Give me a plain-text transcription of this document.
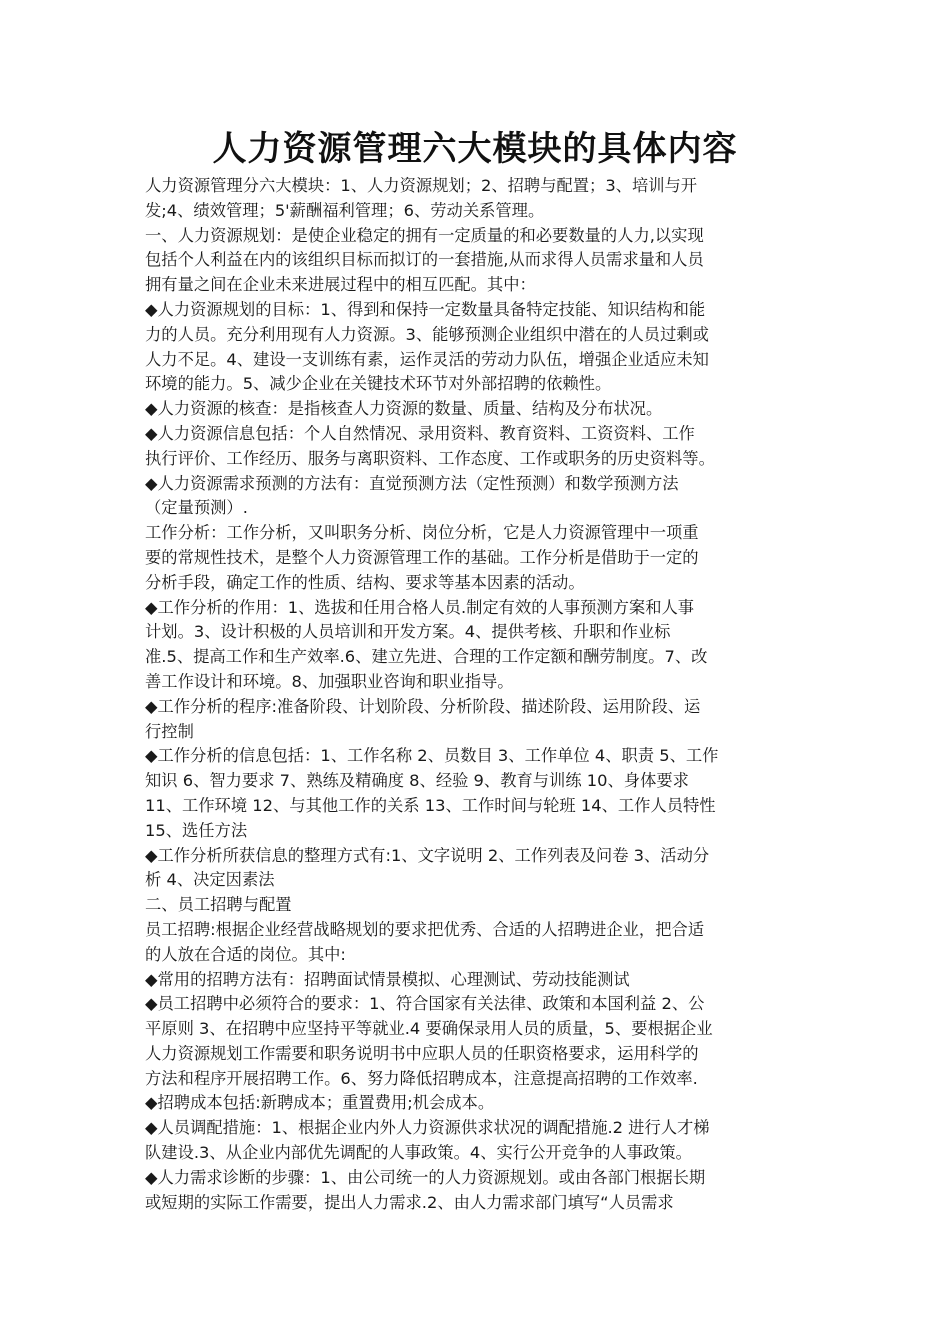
人力资源管理六大模块的具体内容
人力资源管理分六大模块：1、人力资源规划；2、招聘与配置；3、培训与开
发;4、绩效管理；5'薪酬福利管理；6、劳动关系管理。
一、人力资源规划：是使企业稳定的拥有一定质量的和必要数量的人力,以实现
包括个人利益在内的该组织目标而拟订的一套措施,从而求得人员需求量和人员
拥有量之间在企业未来进展过程中的相互匹配。其中：
◆人力资源规划的目标：1、得到和保持一定数量具备特定技能、知识结构和能
力的人员。充分利用现有人力资源。3、能够预测企业组织中潜在的人员过剩或
人力不足。4、建设一支训练有素，运作灵活的劳动力队伍，增强企业适应未知
环境的能力。5、减少企业在关键技术环节对外部招聘的依赖性。
◆人力资源的核查：是指核查人力资源的数量、质量、结构及分布状况。
◆人力资源信息包括：个人自然情况、录用资料、教育资料、工资资料、工作
执行评价、工作经历、服务与离职资料、工作态度、工作或职务的历史资料等。
◆人力资源需求预测的方法有：直觉预测方法（定性预测）和数学预测方法
（定量预测）.
工作分析：工作分析，又叫职务分析、岗位分析，它是人力资源管理中一项重
要的常规性技术，是整个人力资源管理工作的基础。工作分析是借助于一定的
分析手段，确定工作的性质、结构、要求等基本因素的活动。
◆工作分析的作用：1、选拔和任用合格人员.制定有效的人事预测方案和人事
计划。3、设计积极的人员培训和开发方案。4、提供考核、升职和作业标
准.5、提高工作和生产效率.6、建立先进、合理的工作定额和酬劳制度。7、改
善工作设计和环境。8、加强职业咨询和职业指导。
◆工作分析的程序:准备阶段、计划阶段、分析阶段、描述阶段、运用阶段、运
行控制
◆工作分析的信息包括：1、工作名称 2、员数目 3、工作单位 4、职责 5、工作
知识 6、智力要求 7、熟练及精确度 8、经验 9、教育与训练 10、身体要求
11、工作环境 12、与其他工作的关系 13、工作时间与轮班 14、工作人员特性
15、选任方法
◆工作分析所获信息的整理方式有:1、文字说明 2、工作列表及问卷 3、活动分
析 4、决定因素法
二、员工招聘与配置
员工招聘:根据企业经营战略规划的要求把优秀、合适的人招聘进企业，把合适
的人放在合适的岗位。其中:
◆常用的招聘方法有：招聘面试情景模拟、心理测试、劳动技能测试
◆员工招聘中必须符合的要求：1、符合国家有关法律、政策和本国利益 2、公
平原则 3、在招聘中应坚持平等就业.4 要确保录用人员的质量，5、要根据企业
人力资源规划工作需要和职务说明书中应职人员的任职资格要求，运用科学的
方法和程序开展招聘工作。6、努力降低招聘成本，注意提高招聘的工作效率.
◆招聘成本包括:新聘成本；重置费用;机会成本。
◆人员调配措施：1、根据企业内外人力资源供求状况的调配措施.2 进行人才梯
队建设.3、从企业内部优先调配的人事政策。4、实行公开竞争的人事政策。
◆人力需求诊断的步骤：1、由公司统一的人力资源规划。或由各部门根据长期
或短期的实际工作需要，提出人力需求.2、由人力需求部门填写“人员需求
